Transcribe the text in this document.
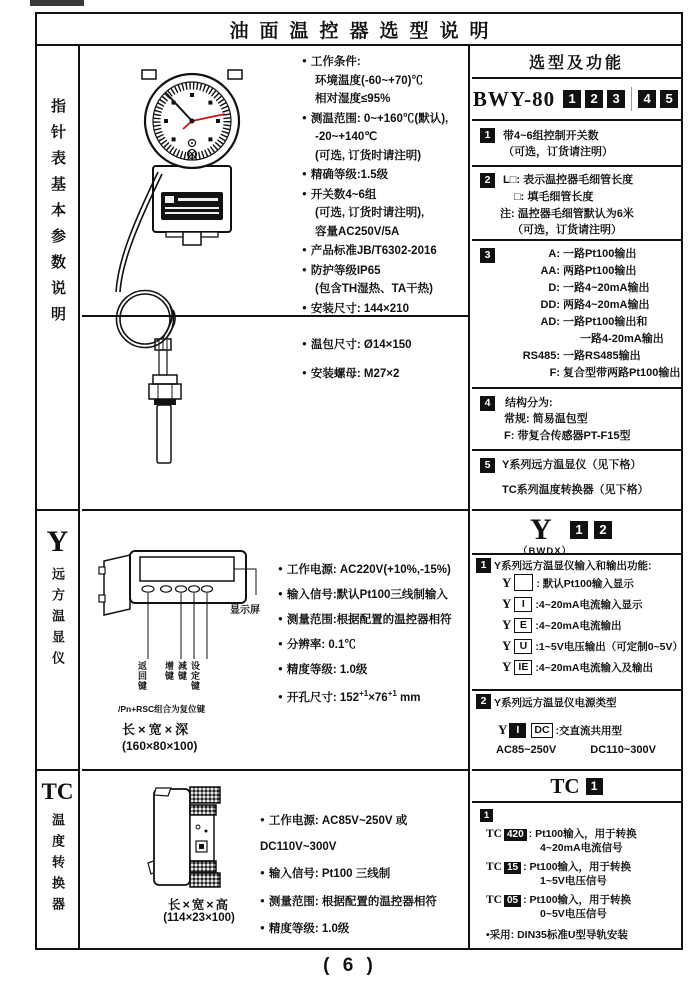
油面温控器选型说明
指针表基本参数说明
● 工作条件:
环境温度(-60~+70)℃
相对湿度≤95%
● 测温范围: 0~+160℃(默认),
-20~+140℃
(可选, 订货时请注明)
● 精确等级:1.5级
● 开关数4~6组
(可选, 订货时请注明),
容量AC250V/5A
● 产品标准JB/T6302-2016
● 防护等级IP65
(包含TH湿热、TA干热)
● 安装尺寸: 144×210
● 温包尺寸: Ø14×150
● 安装螺母: M27×2
选型及功能
BWY-80	1	2	3	4	5
1	带4~6组控制开关数
（可选，订货请注明）
2 L□: 表示温控器毛细管长度
□: 填毛细管长度
注: 温控器毛细管默认为6米
（可选，订货请注明）
3	A: 一路Pt100输出
AA: 两路Pt100输出
D: 一路4~20mA输出
DD: 两路4~20mA输出
AD: 一路Pt100输出和
一路4-20mA输出
RS485: 一路RS485输出
F: 复合型带两路Pt100输出
4 结构分为:
常规: 简易温包型
F: 带复合传感器PT-F15型
5	Y系列远方温显仪（见下格）
TC系列温度转换器（见下格）
Y
远方温显仪	显示屏
返回键 增键 减键 设定键
/Pn+RSC组合为复位键
长×宽×深
(160×80×100)
● 工作电源: AC220V(+10%,-15%)
● 输入信号:默认Pt100三线制输入
● 测量范围:根据配置的温控器相符
● 分辨率: 0.1℃
● 精度等级: 1.0级
● 开孔尺寸: $152^{+1}\times 76^{+1}$ mm
Y	1	2
（BWDX）
1 Y系列远方温显仪输入和输出功能:
Y : 默认Pt100输入显示
Y I :4~20mA电流输入显示
Y E :4~20mA电流输出
Y U :1~5V电压输出（可定制0~5V）
Y IE :4~20mA电流输入及输出
2 Y系列远方温显仪电源类型
Y I DC :交直流共用型
AC85~250V	DC110~300V
TC
温度转换器	长×宽×高
(114×23×100)
● 工作电源: AC85V~250V 或
DC110V~300V
● 输入信号: Pt100 三线制
● 测量范围: 根据配置的温控器相符
● 精度等级: 1.0级
TC 1
1
TC 420 : Pt100输入，用于转换
4~20mA电流信号
TC 15 : Pt100输入，用于转换
1~5V电压信号
TC 05 : Pt100输入，用于转换
0~5V电压信号
•采用: DIN35标准U型导轨安装
( 6 )
